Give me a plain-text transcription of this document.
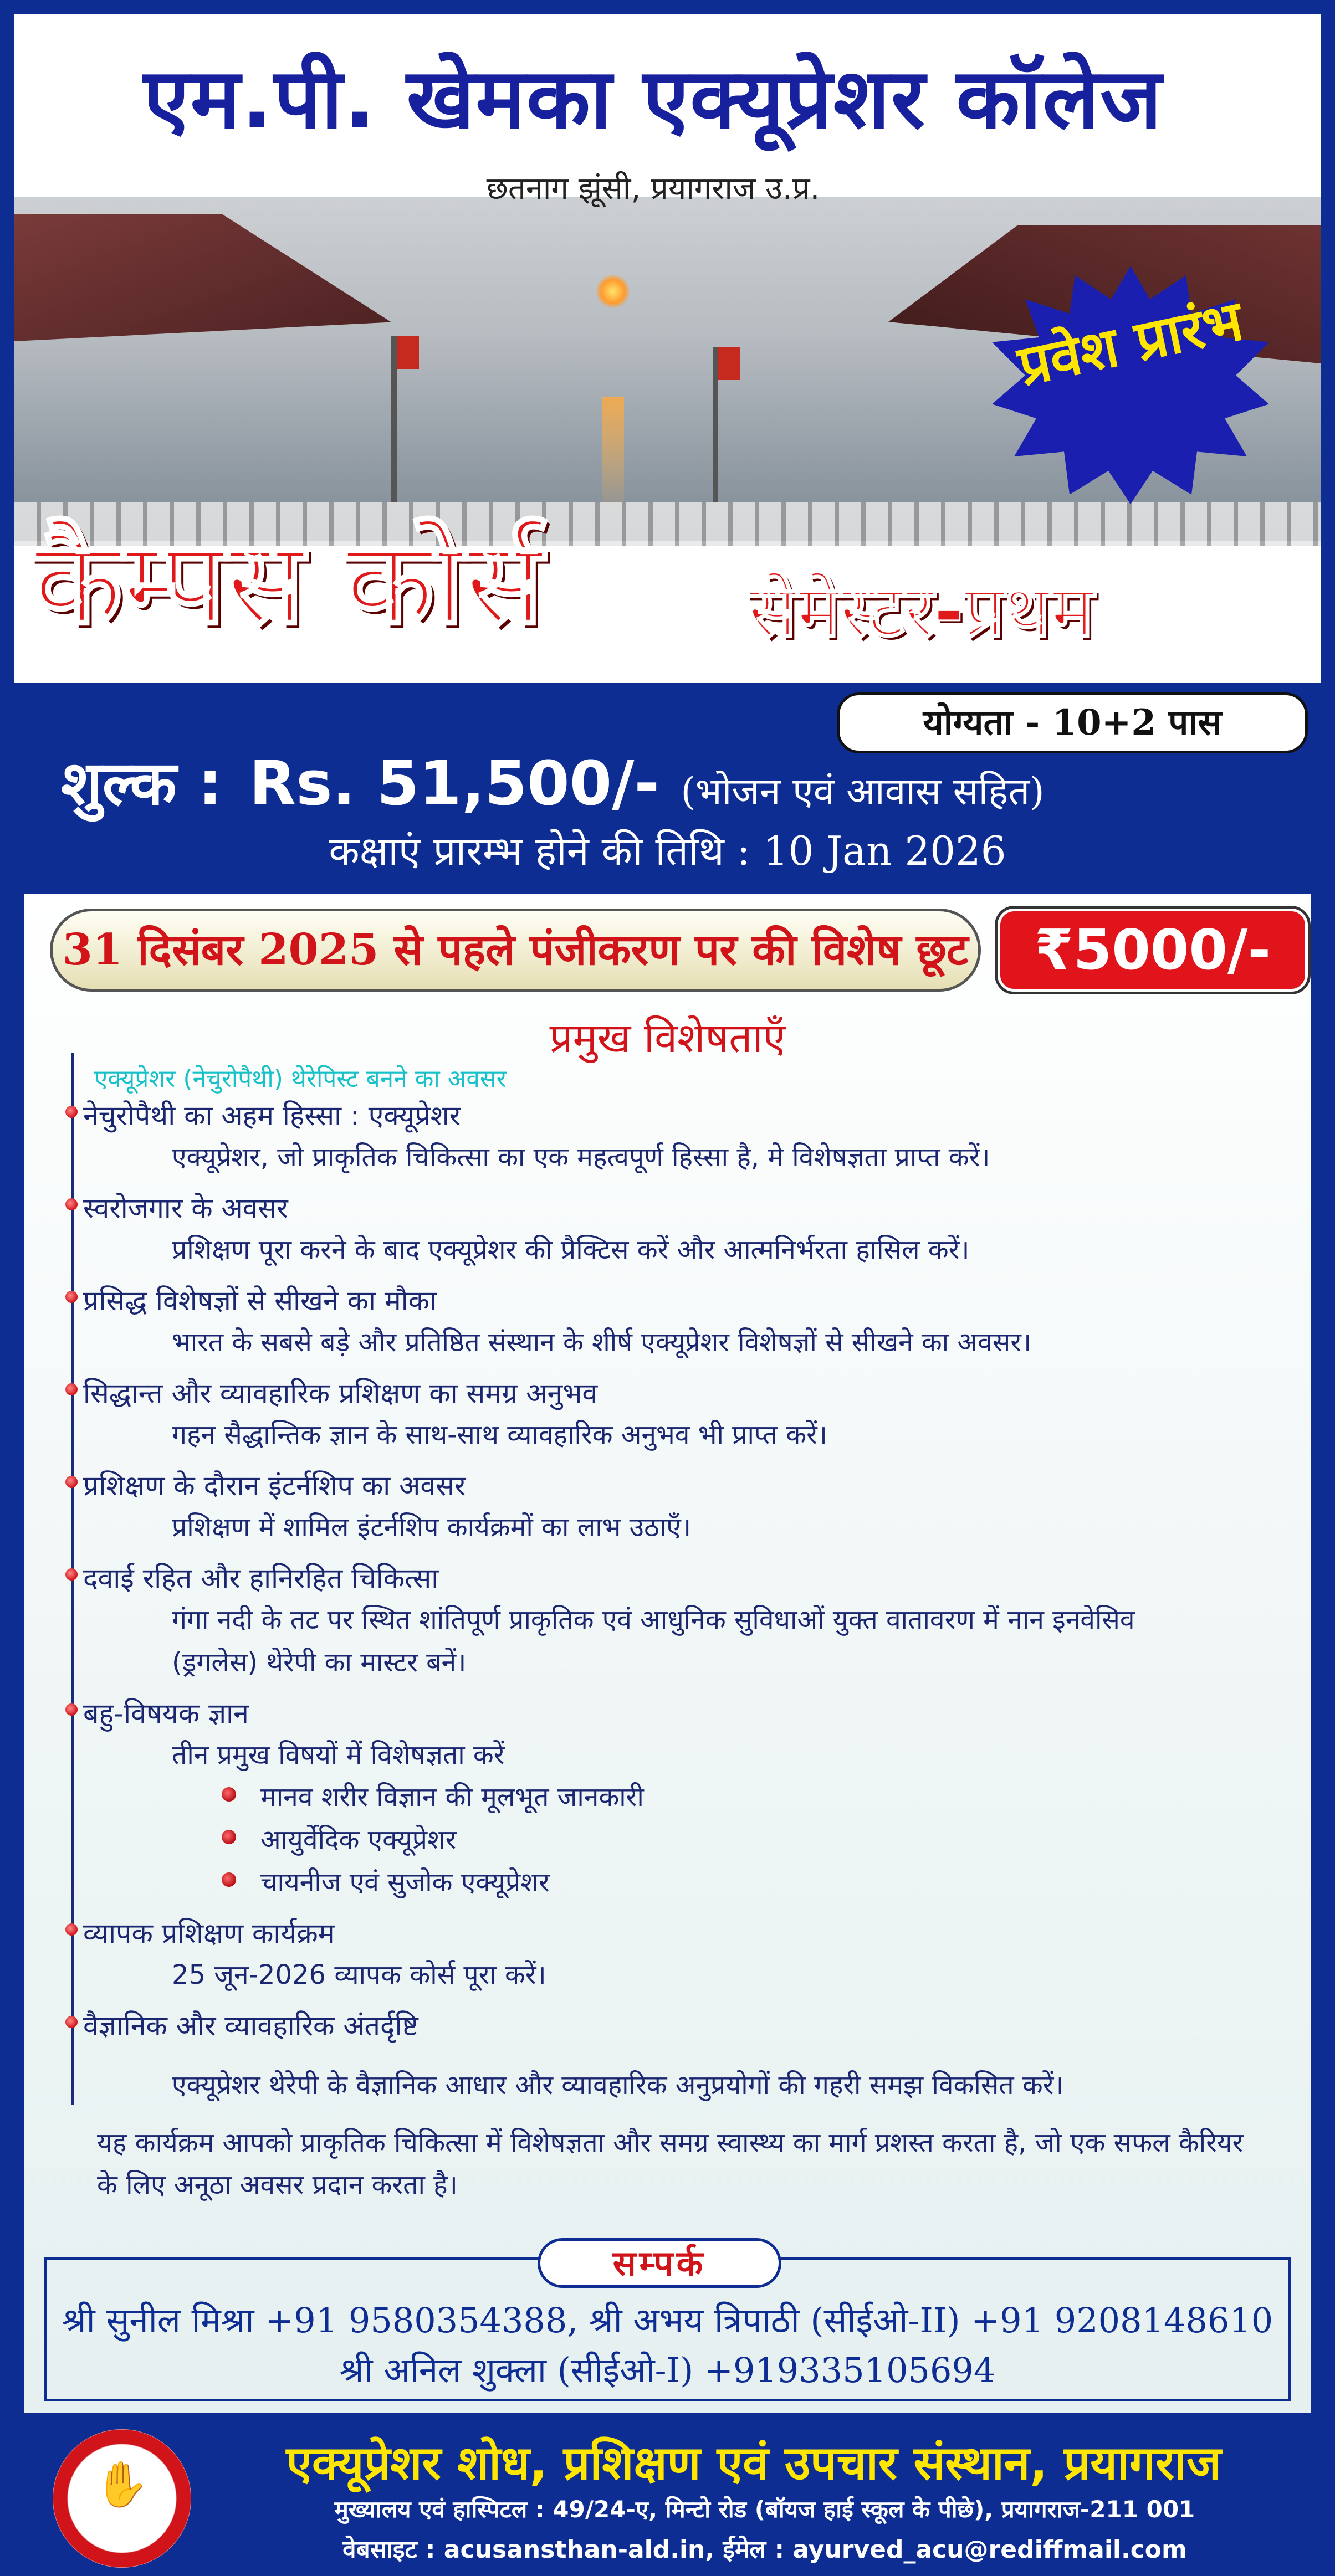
एम.पी. खेमका एक्यूप्रेशर कॉलेज
छतनाग झूंसी, प्रयागराज उ.प्र.
प्रवेश प्रारंभ
कैम्पस कोर्स	सेमेस्टर-प्रथम
योग्यता - 10+2 पास
शुल्क : Rs. 51,500/- (भोजन एवं आवास सहित)
कक्षाएं प्रारम्भ होने की तिथि : 10 Jan 2026
31 दिसंबर 2025 से पहले पंजीकरण पर की विशेष छूट	₹5000/-
प्रमुख विशेषताएँ
एक्यूप्रेशर (नेचुरोपैथी) थेरेपिस्ट बनने का अवसर
नेचुरोपैथी का अहम हिस्सा : एक्यूप्रेशर
एक्यूप्रेशर, जो प्राकृतिक चिकित्सा का एक महत्वपूर्ण हिस्सा है, मे विशेषज्ञता प्राप्त करें।
स्वरोजगार के अवसर
प्रशिक्षण पूरा करने के बाद एक्यूप्रेशर की प्रैक्टिस करें और आत्मनिर्भरता हासिल करें।
प्रसिद्ध विशेषज्ञों से सीखने का मौका
भारत के सबसे बड़े और प्रतिष्ठित संस्थान के शीर्ष एक्यूप्रेशर विशेषज्ञों से सीखने का अवसर।
सिद्धान्त और व्यावहारिक प्रशिक्षण का समग्र अनुभव
गहन सैद्धान्तिक ज्ञान के साथ-साथ व्यावहारिक अनुभव भी प्राप्त करें।
प्रशिक्षण के दौरान इंटर्नशिप का अवसर
प्रशिक्षण में शामिल इंटर्नशिप कार्यक्रमों का लाभ उठाएँ।
दवाई रहित और हानिरहित चिकित्सा
गंगा नदी के तट पर स्थित शांतिपूर्ण प्राकृतिक एवं आधुनिक सुविधाओं युक्त वातावरण में नान इनवेसिव
(ड्रगलेस) थेरेपी का मास्टर बनें।
बहु-विषयक ज्ञान
तीन प्रमुख विषयों में विशेषज्ञता करें
मानव शरीर विज्ञान की मूलभूत जानकारी
आयुर्वेदिक एक्यूप्रेशर
चायनीज एवं सुजोक एक्यूप्रेशर
व्यापक प्रशिक्षण कार्यक्रम
25 जून-2026 व्यापक कोर्स पूरा करें।
वैज्ञानिक और व्यावहारिक अंतर्दृष्टि
एक्यूप्रेशर थेरेपी के वैज्ञानिक आधार और व्यावहारिक अनुप्रयोगों की गहरी समझ विकसित करें।
यह कार्यक्रम आपको प्राकृतिक चिकित्सा में विशेषज्ञता और समग्र स्वास्थ्य का मार्ग प्रशस्त करता है, जो एक सफल कैरियर के लिए अनूठा अवसर प्रदान करता है।
सम्पर्क
श्री सुनील मिश्रा +91 9580354388, श्री अभय त्रिपाठी (सीईओ-II) +91 9208148610
श्री अनिल शुक्ला (सीईओ-I) +919335105694
✋
ASPEUS
एक्यूप्रेशर शोध, प्रशिक्षण एवं उपचार संस्थान, प्रयागराज
मुख्यालय एवं हास्पिटल : 49/24-ए, मिन्टो रोड (बॉयज हाई स्कूल के पीछे), प्रयागराज-211 001
वेबसाइट : acusansthan-ald.in, ईमेल : ayurved_acu@rediffmail.com
